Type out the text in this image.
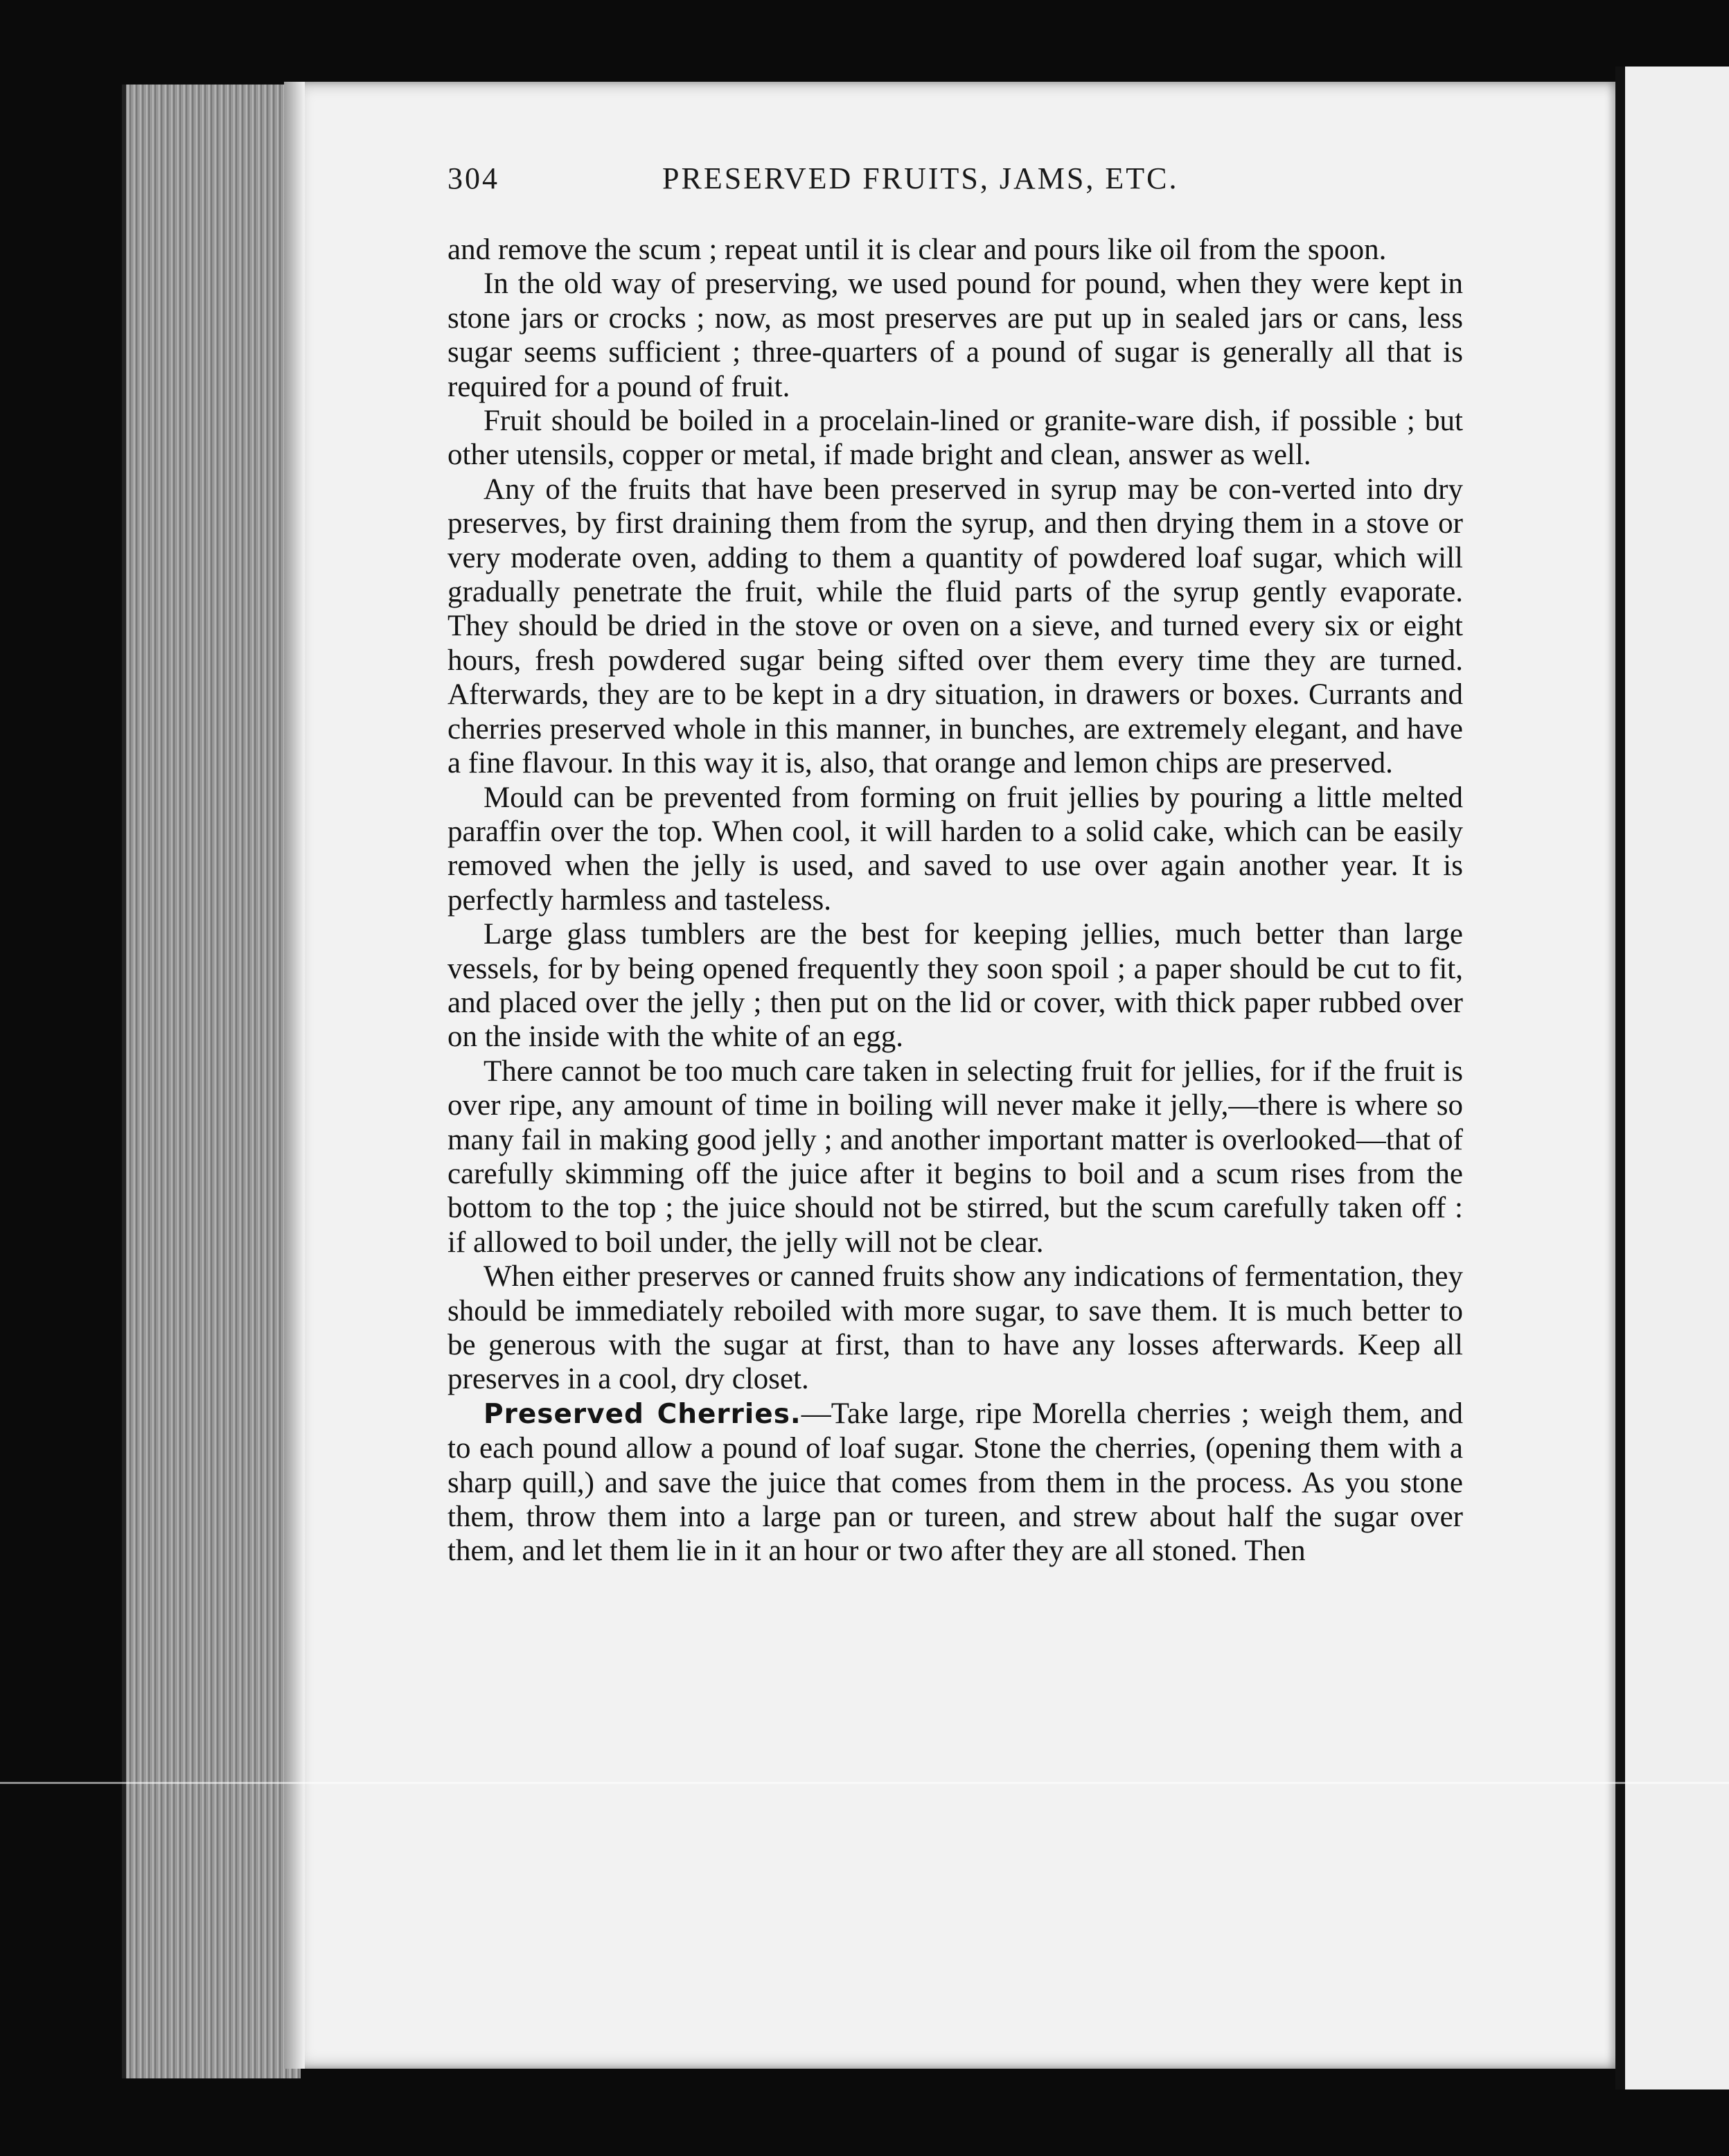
304	PRESERVED FRUITS, JAMS, ETC.

and remove the scum ; repeat until it is clear and pours like oil from the spoon.

In the old way of preserving, we used pound for pound, when they were kept in stone jars or crocks ; now, as most preserves are put up in sealed jars or cans, less sugar seems sufficient ; three-quarters of a pound of sugar is generally all that is required for a pound of fruit.

Fruit should be boiled in a procelain-lined or granite-ware dish, if possible ; but other utensils, copper or metal, if made bright and clean, answer as well.

Any of the fruits that have been preserved in syrup may be con-verted into dry preserves, by first draining them from the syrup, and then drying them in a stove or very moderate oven, adding to them a quantity of powdered loaf sugar, which will gradually penetrate the fruit, while the fluid parts of the syrup gently evaporate. They should be dried in the stove or oven on a sieve, and turned every six or eight hours, fresh powdered sugar being sifted over them every time they are turned. Afterwards, they are to be kept in a dry situation, in drawers or boxes. Currants and cherries preserved whole in this manner, in bunches, are extremely elegant, and have a fine flavour. In this way it is, also, that orange and lemon chips are preserved.

Mould can be prevented from forming on fruit jellies by pouring a little melted paraffin over the top. When cool, it will harden to a solid cake, which can be easily removed when the jelly is used, and saved to use over again another year. It is perfectly harmless and tasteless.

Large glass tumblers are the best for keeping jellies, much better than large vessels, for by being opened frequently they soon spoil ; a paper should be cut to fit, and placed over the jelly ; then put on the lid or cover, with thick paper rubbed over on the inside with the white of an egg.

There cannot be too much care taken in selecting fruit for jellies, for if the fruit is over ripe, any amount of time in boiling will never make it jelly,—there is where so many fail in making good jelly ; and another important matter is overlooked—that of carefully skimming off the juice after it begins to boil and a scum rises from the bottom to the top ; the juice should not be stirred, but the scum carefully taken off : if allowed to boil under, the jelly will not be clear.

When either preserves or canned fruits show any indications of fermentation, they should be immediately reboiled with more sugar, to save them. It is much better to be generous with the sugar at first, than to have any losses afterwards. Keep all preserves in a cool, dry closet.

Preserved Cherries.—Take large, ripe Morella cherries ; weigh them, and to each pound allow a pound of loaf sugar. Stone the cherries, (opening them with a sharp quill,) and save the juice that comes from them in the process. As you stone them, throw them into a large pan or tureen, and strew about half the sugar over them, and let them lie in it an hour or two after they are all stoned. Then
